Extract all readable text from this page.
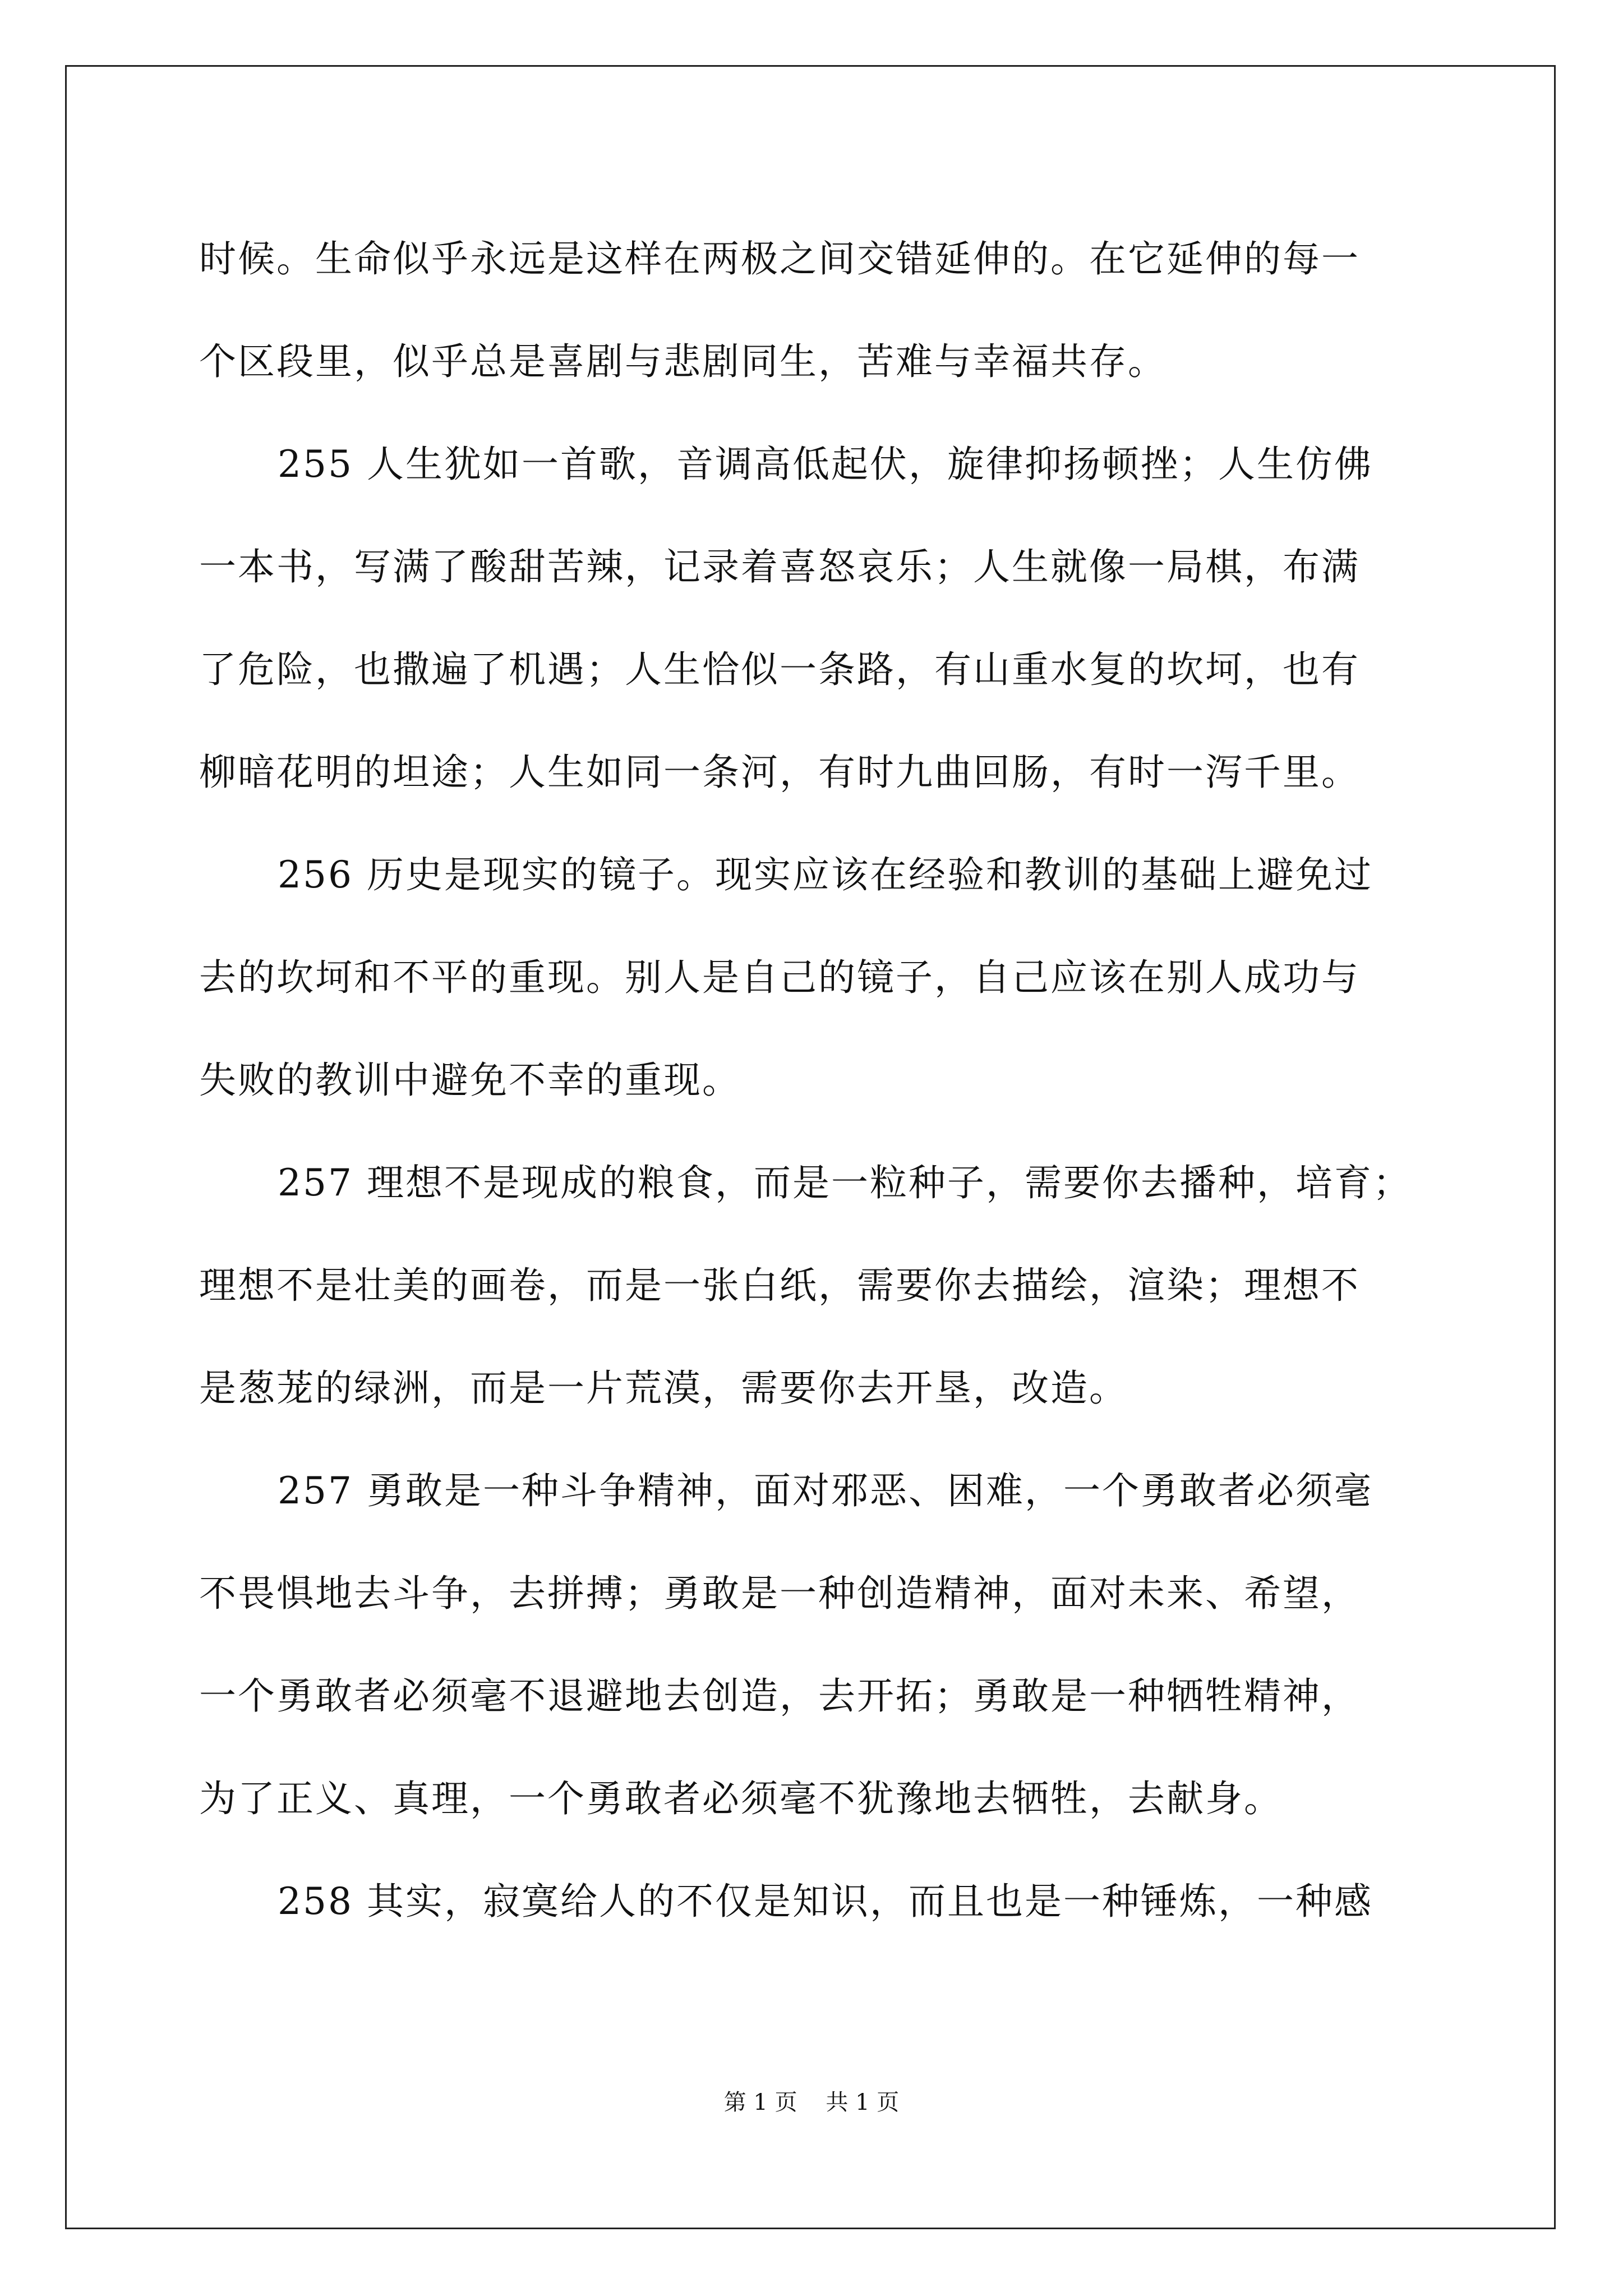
时候。生命似乎永远是这样在两极之间交错延伸的。在它延伸的每一
个区段里，似乎总是喜剧与悲剧同生，苦难与幸福共存。
255 人生犹如一首歌，音调高低起伏，旋律抑扬顿挫；人生仿佛
一本书，写满了酸甜苦辣，记录着喜怒哀乐；人生就像一局棋，布满
了危险，也撒遍了机遇；人生恰似一条路，有山重水复的坎坷，也有
柳暗花明的坦途；人生如同一条河，有时九曲回肠，有时一泻千里。
256 历史是现实的镜子。现实应该在经验和教训的基础上避免过
去的坎坷和不平的重现。别人是自己的镜子，自己应该在别人成功与
失败的教训中避免不幸的重现。
257 理想不是现成的粮食，而是一粒种子，需要你去播种，培育；
理想不是壮美的画卷，而是一张白纸，需要你去描绘，渲染；理想不
是葱茏的绿洲，而是一片荒漠，需要你去开垦，改造。
257 勇敢是一种斗争精神，面对邪恶、困难，一个勇敢者必须毫
不畏惧地去斗争，去拼搏；勇敢是一种创造精神，面对未来、希望，
一个勇敢者必须毫不退避地去创造，去开拓；勇敢是一种牺牲精神，
为了正义、真理，一个勇敢者必须毫不犹豫地去牺牲，去献身。
258 其实，寂寞给人的不仅是知识，而且也是一种锤炼，一种感
第 1 页    共 1 页
